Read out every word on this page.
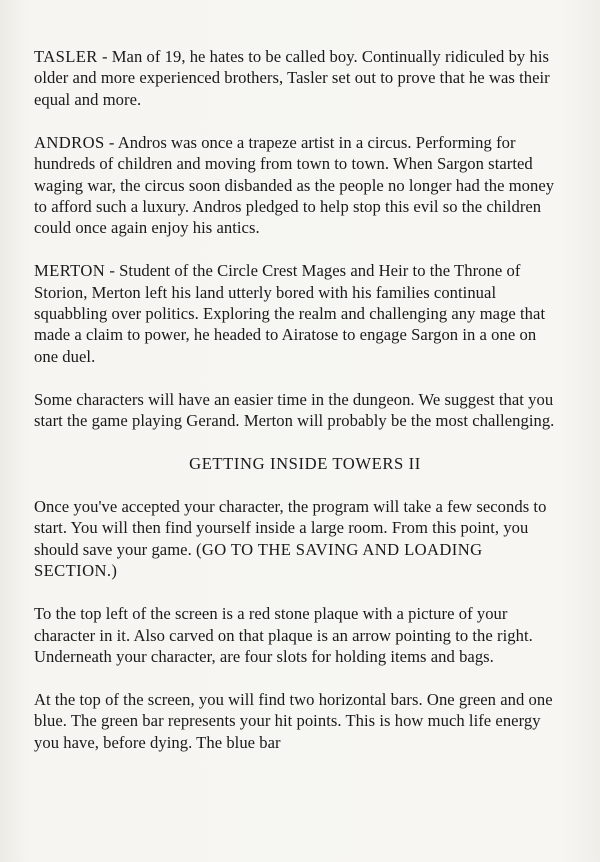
TASLER - Man of 19, he hates to be called boy. Continually ridiculed by his older and more experienced brothers, Tasler set out to prove that he was their equal and more.

ANDROS - Andros was once a trapeze artist in a circus. Performing for hundreds of children and moving from town to town. When Sargon started waging war, the circus soon disbanded as the people no longer had the money to afford such a luxury. Andros pledged to help stop this evil so the children could once again enjoy his antics.

MERTON - Student of the Circle Crest Mages and Heir to the Throne of Storion, Merton left his land utterly bored with his families continual squabbling over politics. Exploring the realm and challenging any mage that made a claim to power, he headed to Airatose to engage Sargon in a one on one duel.

Some characters will have an easier time in the dungeon. We suggest that you start the game playing Gerand. Merton will probably be the most challenging.

GETTING INSIDE TOWERS II

Once you've accepted your character, the program will take a few seconds to start. You will then find yourself inside a large room. From this point, you should save your game. (GO TO THE SAVING AND LOADING SECTION.)

To the top left of the screen is a red stone plaque with a picture of your character in it. Also carved on that plaque is an arrow pointing to the right. Underneath your character, are four slots for holding items and bags.

At the top of the screen, you will find two horizontal bars. One green and one blue. The green bar represents your hit points. This is how much life energy you have, before dying. The blue bar
